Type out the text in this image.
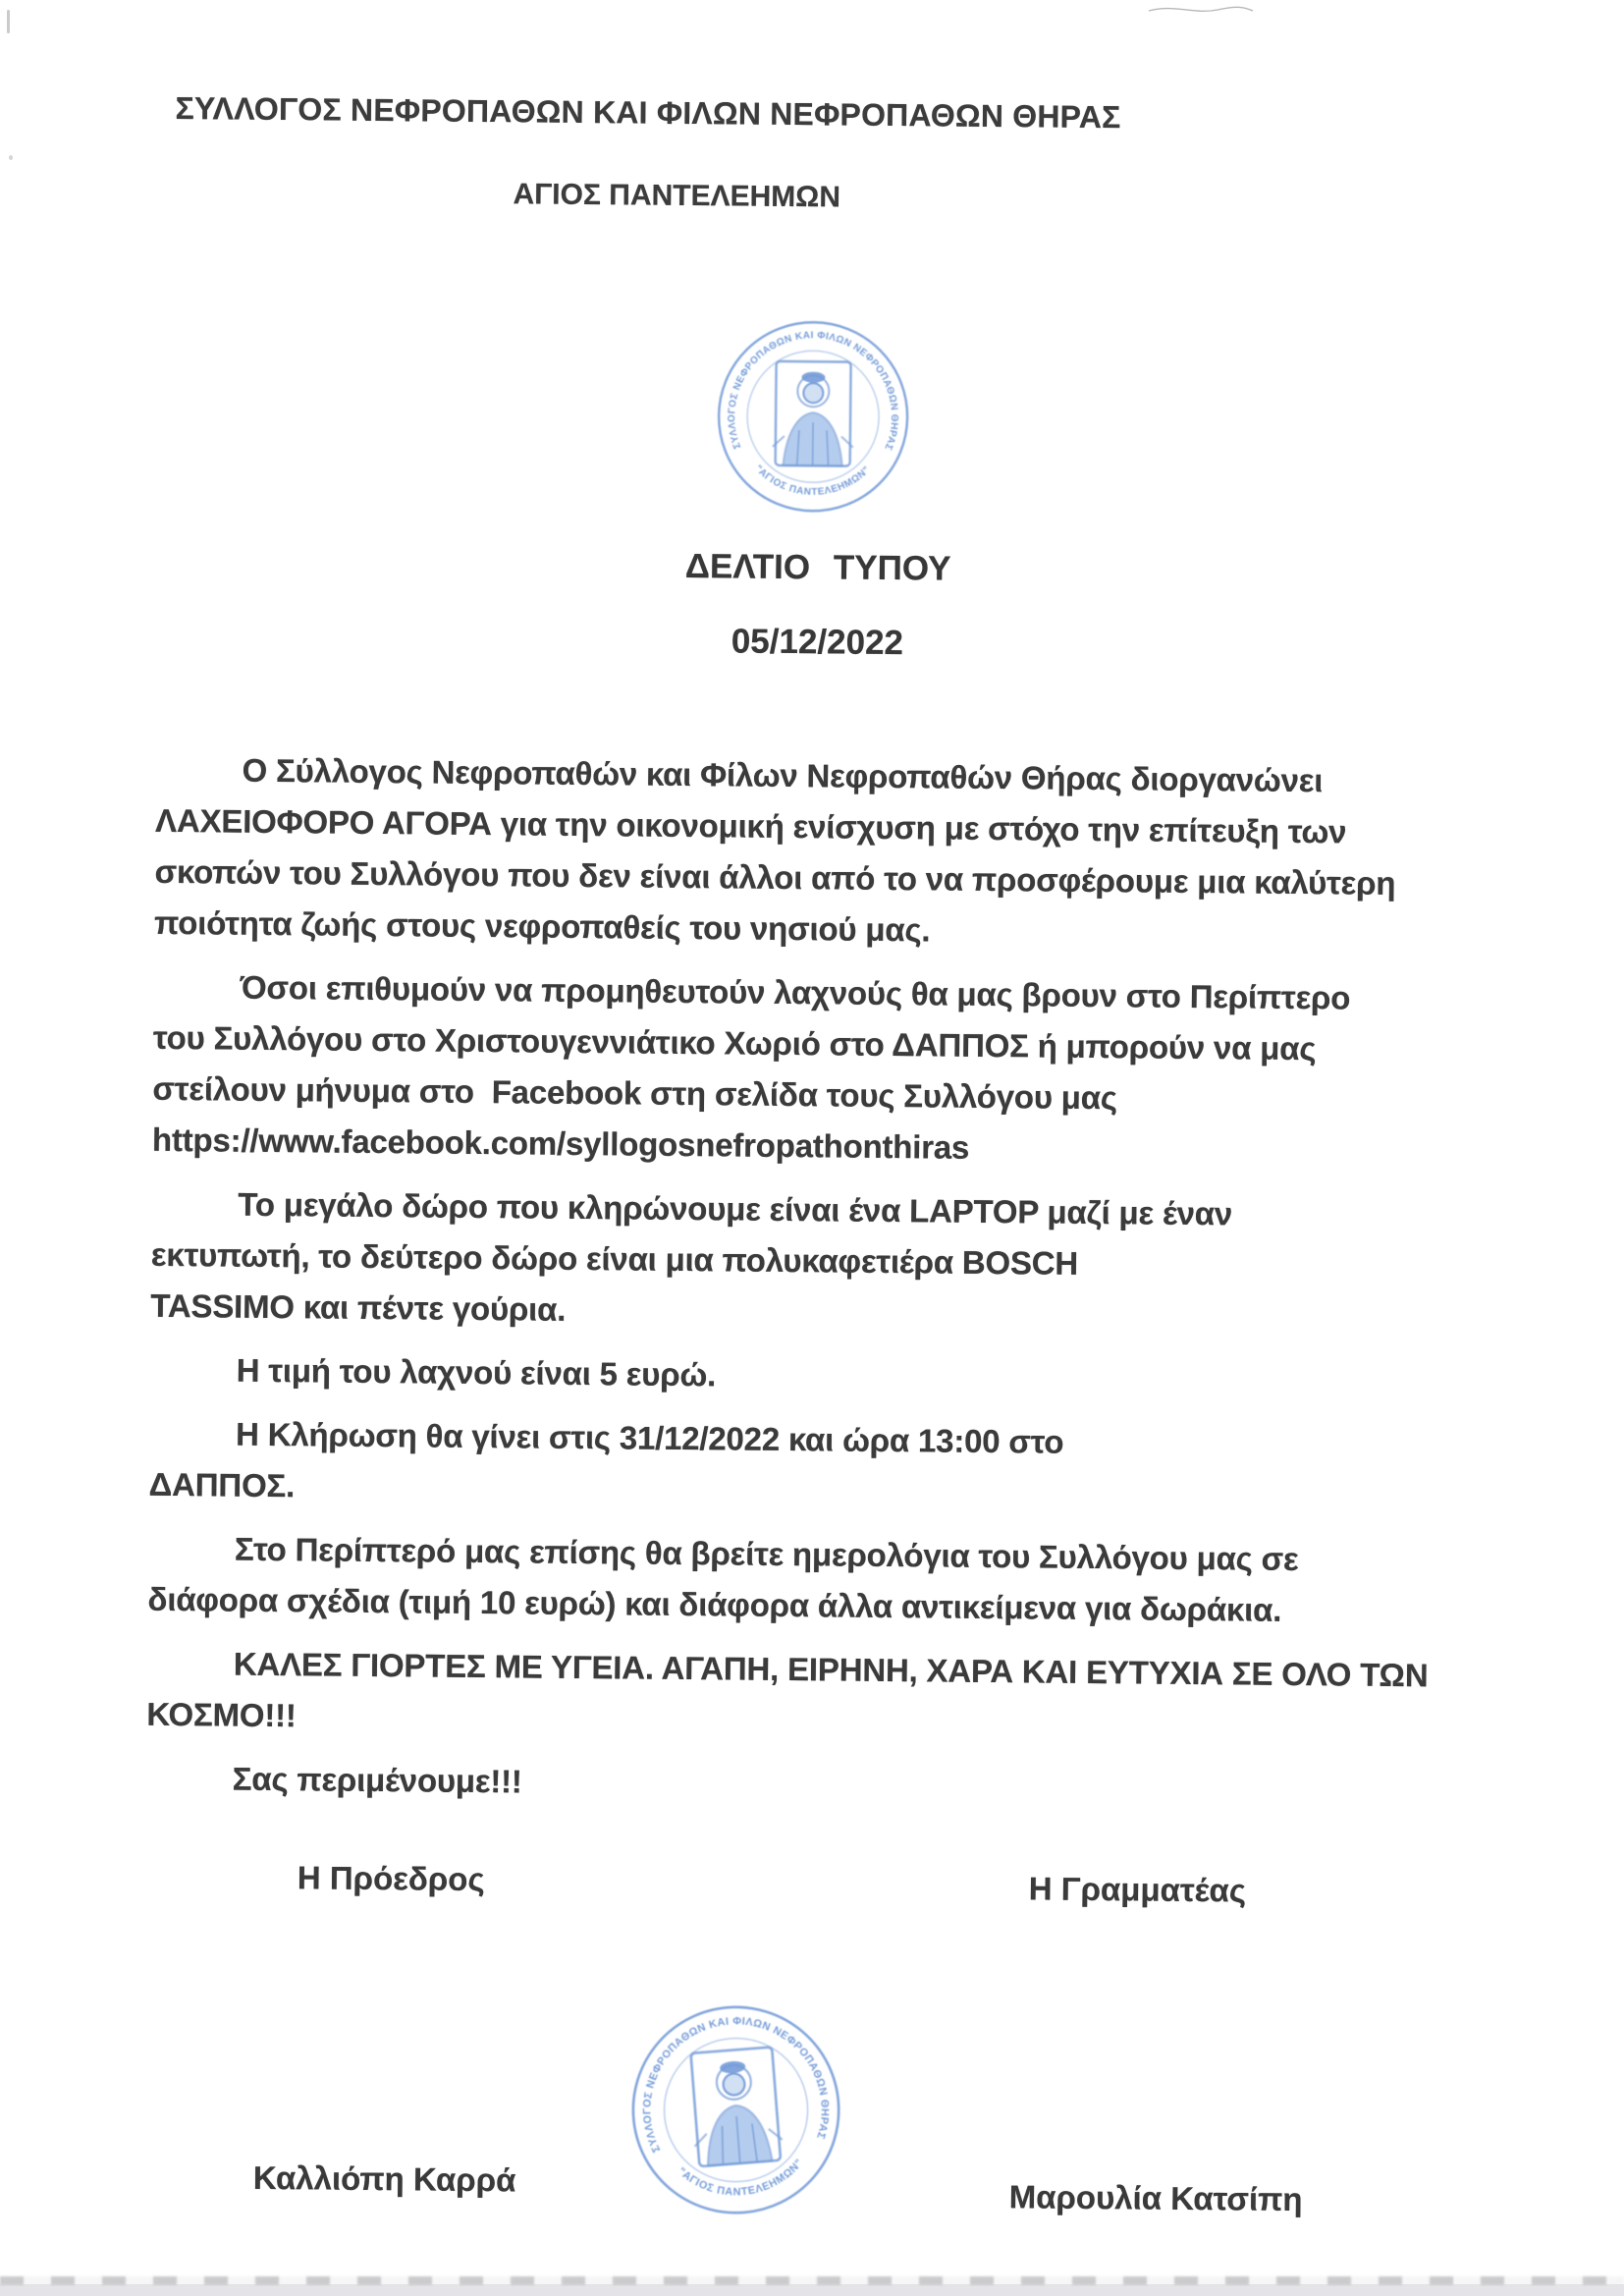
ΣΥΛΛΟΓΟΣ ΝΕΦΡΟΠΑΘΩΝ ΚΑΙ ΦΙΛΩΝ ΝΕΦΡΟΠΑΘΩΝ ΘΗΡΑΣ
ΑΓΙΟΣ ΠΑΝΤΕΛΕΗΜΩΝ
ΣΥΛΛΟΓΟΣ ΝΕΦΡΟΠΑΘΩΝ ΚΑΙ ΦΙΛΩΝ ΝΕΦΡΟΠΑΘΩΝ ΘΗΡΑΣ
"ΑΓΙΟΣ ΠΑΝΤΕΛΕΗΜΩΝ"
ΔΕΛΤΙΟ ΤΥΠΟΥ
05/12/2022

Ο Σύλλογος Νεφροπαθών και Φίλων Νεφροπαθών Θήρας διοργανώνει
ΛΑΧΕΙΟΦΟΡΟ ΑΓΟΡΑ για την οικονομική ενίσχυση με στόχο την επίτευξη των
σκοπών του Συλλόγου που δεν είναι άλλοι από το να προσφέρουμε μια καλύτερη
ποιότητα ζωής στους νεφροπαθείς του νησιού μας.

Όσοι επιθυμούν να προμηθευτούν λαχνούς θα μας βρουν στο Περίπτερο
του Συλλόγου στο Χριστουγεννιάτικο Χωριό στο ΔΑΠΠΟΣ ή μπορούν να μας
στείλουν μήνυμα στο  Facebook στη σελίδα τους Συλλόγου μας
https://www.facebook.com/syllogosnefropathonthiras

Το μεγάλο δώρο που κληρώνουμε είναι ένα LAPTOP μαζί με έναν
εκτυπωτή, το δεύτερο δώρο είναι μια πολυκαφετιέρα BOSCH
TASSIMO και πέντε γούρια.

Η τιμή του λαχνού είναι 5 ευρώ.

Η Κλήρωση θα γίνει στις 31/12/2022 και ώρα 13:00 στο
ΔΑΠΠΟΣ.

Στο Περίπτερό μας επίσης θα βρείτε ημερολόγια του Συλλόγου μας σε
διάφορα σχέδια (τιμή 10 ευρώ) και διάφορα άλλα αντικείμενα για δωράκια.

ΚΑΛΕΣ ΓΙΟΡΤΕΣ ΜΕ ΥΓΕΙΑ. ΑΓΑΠΗ, ΕΙΡΗΝΗ, ΧΑΡΑ ΚΑΙ ΕΥΤΥΧΙΑ ΣΕ ΟΛΟ ΤΩΝ
ΚΟΣΜΟ!!!

Σας περιμένουμε!!!

Η Πρόεδρος	Η Γραμματέας
ΣΥΛΛΟΓΟΣ ΝΕΦΡΟΠΑΘΩΝ ΚΑΙ ΦΙΛΩΝ ΝΕΦΡΟΠΑΘΩΝ ΘΗΡΑΣ
"ΑΓΙΟΣ ΠΑΝΤΕΛΕΗΜΩΝ"
Καλλιόπη Καρρά	Μαρουλία Κατσίπη
